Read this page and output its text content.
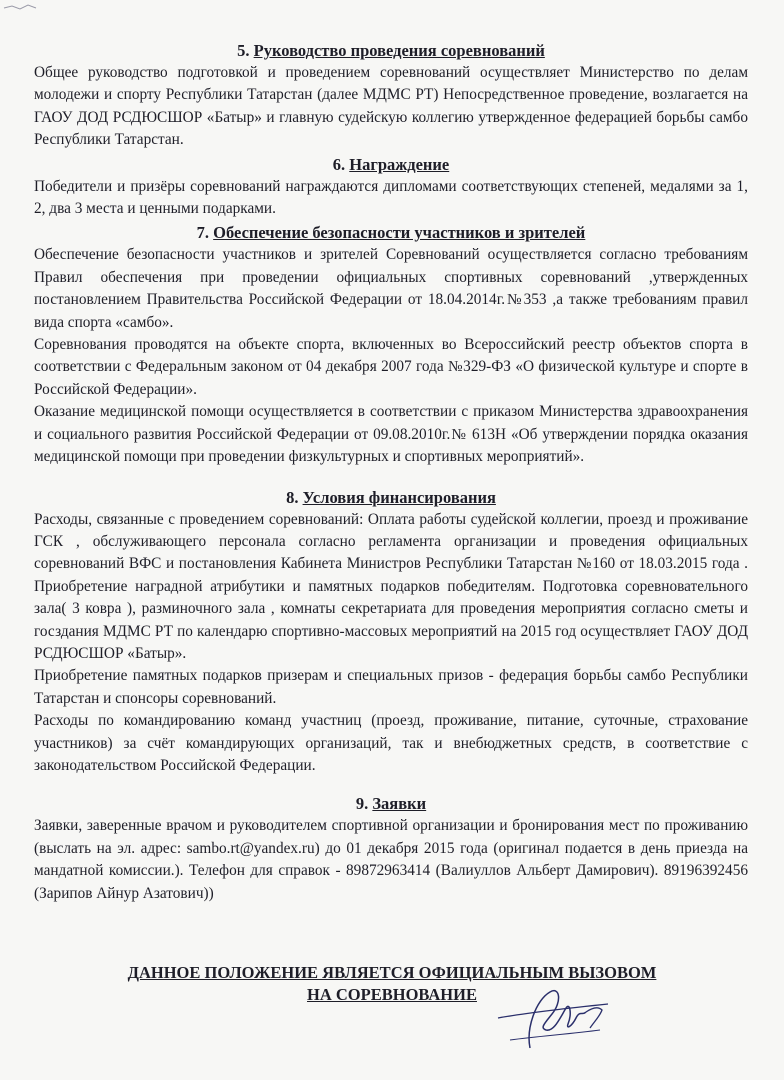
5. Руководство проведения соревнований

Общее руководство подготовкой и проведением соревнований осуществляет Министерство по делам молодежи и спорту Республики Татарстан (далее МДМС РТ) Непосредственное проведение, возлагается на ГАОУ ДОД РСДЮСШОР «Батыр» и главную судейскую коллегию утвержденное федерацией борьбы самбо Республики Татарстан.

6. Награждение

Победители и призёры соревнований награждаются дипломами соответствующих степеней, медалями за 1, 2, два 3 места и ценными подарками.

7. Обеспечение безопасности участников и зрителей

Обеспечение безопасности участников и зрителей Соревнований осуществляется согласно требованиям Правил обеспечения при проведении официальных спортивных соревнований ,утвержденных постановлением Правительства Российской Федерации от 18.04.2014г.№353 ,а также требованиям правил вида спорта «самбо».

Соревнования проводятся на объекте спорта, включенных во Всероссийский реестр объектов спорта в соответствии с Федеральным законом от 04 декабря 2007 года №329-ФЗ «О физической культуре и спорте в Российской Федерации».

Оказание медицинской помощи осуществляется в соответствии с приказом Министерства здравоохранения и социального развития Российской Федерации от 09.08.2010г.№ 613Н «Об утверждении порядка оказания медицинской помощи при проведении физкультурных и спортивных мероприятий».

8. Условия финансирования

Расходы, связанные с проведением соревнований: Оплата работы судейской коллегии, проезд и проживание ГСК , обслуживающего персонала согласно регламента организации и проведения официальных соревнований ВФС и постановления Кабинета Министров Республики Татарстан №160 от 18.03.2015 года . Приобретение наградной атрибутики и памятных подарков победителям. Подготовка соревновательного зала( 3 ковра ), разминочного зала , комнаты секретариата для проведения мероприятия согласно сметы и госздания МДМС РТ по календарю спортивно-массовых мероприятий на 2015 год осуществляет ГАОУ ДОД РСДЮСШОР «Батыр».

Приобретение памятных подарков призерам и специальных призов - федерация борьбы самбо Республики Татарстан и спонсоры соревнований.

Расходы по командированию команд участниц (проезд, проживание, питание, суточные, страхование участников) за счёт командирующих организаций, так и внебюджетных средств, в соответствие с законодательством Российской Федерации.

9. Заявки

Заявки, заверенные врачом и руководителем спортивной организации и бронирования мест по проживанию (выслать на эл. адрес: sambo.rt@yandex.ru) до 01 декабря 2015 года (оригинал подается в день приезда на мандатной комиссии.). Телефон для справок - 89872963414 (Валиуллов Альберт Дамирович). 89196392456 (Зарипов Айнур Азатович))

ДАННОЕ ПОЛОЖЕНИЕ ЯВЛЯЕТСЯ ОФИЦИАЛЬНЫМ ВЫЗОВОМ
НА СОРЕВНОВАНИЕ
